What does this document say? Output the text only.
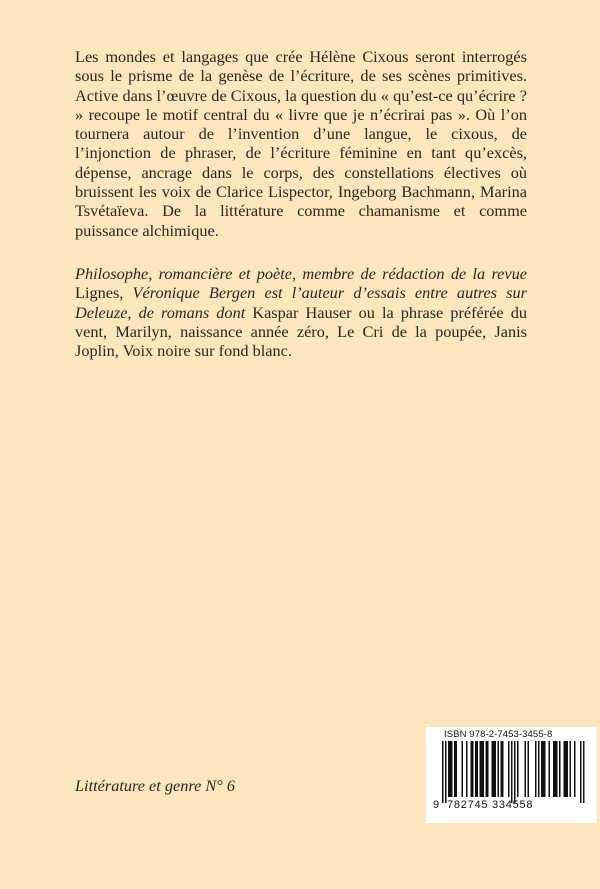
Les mondes et langages que crée Hélène Cixous seront interrogés sous le prisme de la genèse de l’écriture, de ses scènes primitives. Active dans l’œuvre de Cixous, la question du « qu’est-ce qu’écrire ? » recoupe le motif central du « livre que je n’écrirai pas ». Où l’on tournera autour de l’invention d’une langue, le cixous, de l’injonction de phraser, de l’écriture féminine en tant qu’excès, dépense, ancrage dans le corps, des constellations électives où bruissent les voix de Clarice Lispector, Ingeborg Bachmann, Marina Tsvétaïeva. De la littérature comme chamanisme et comme puissance alchimique.

Philosophe, romancière et poète, membre de rédaction de la revue Lignes, Véronique Bergen est l’auteur d’essais entre autres sur Deleuze, de romans dont Kaspar Hauser ou la phrase préférée du vent, Marilyn, naissance année zéro, Le Cri de la poupée, Janis Joplin, Voix noire sur fond blanc.

Littérature et genre N° 6

ISBN 978-2-7453-3455-8
9 782745 334558
